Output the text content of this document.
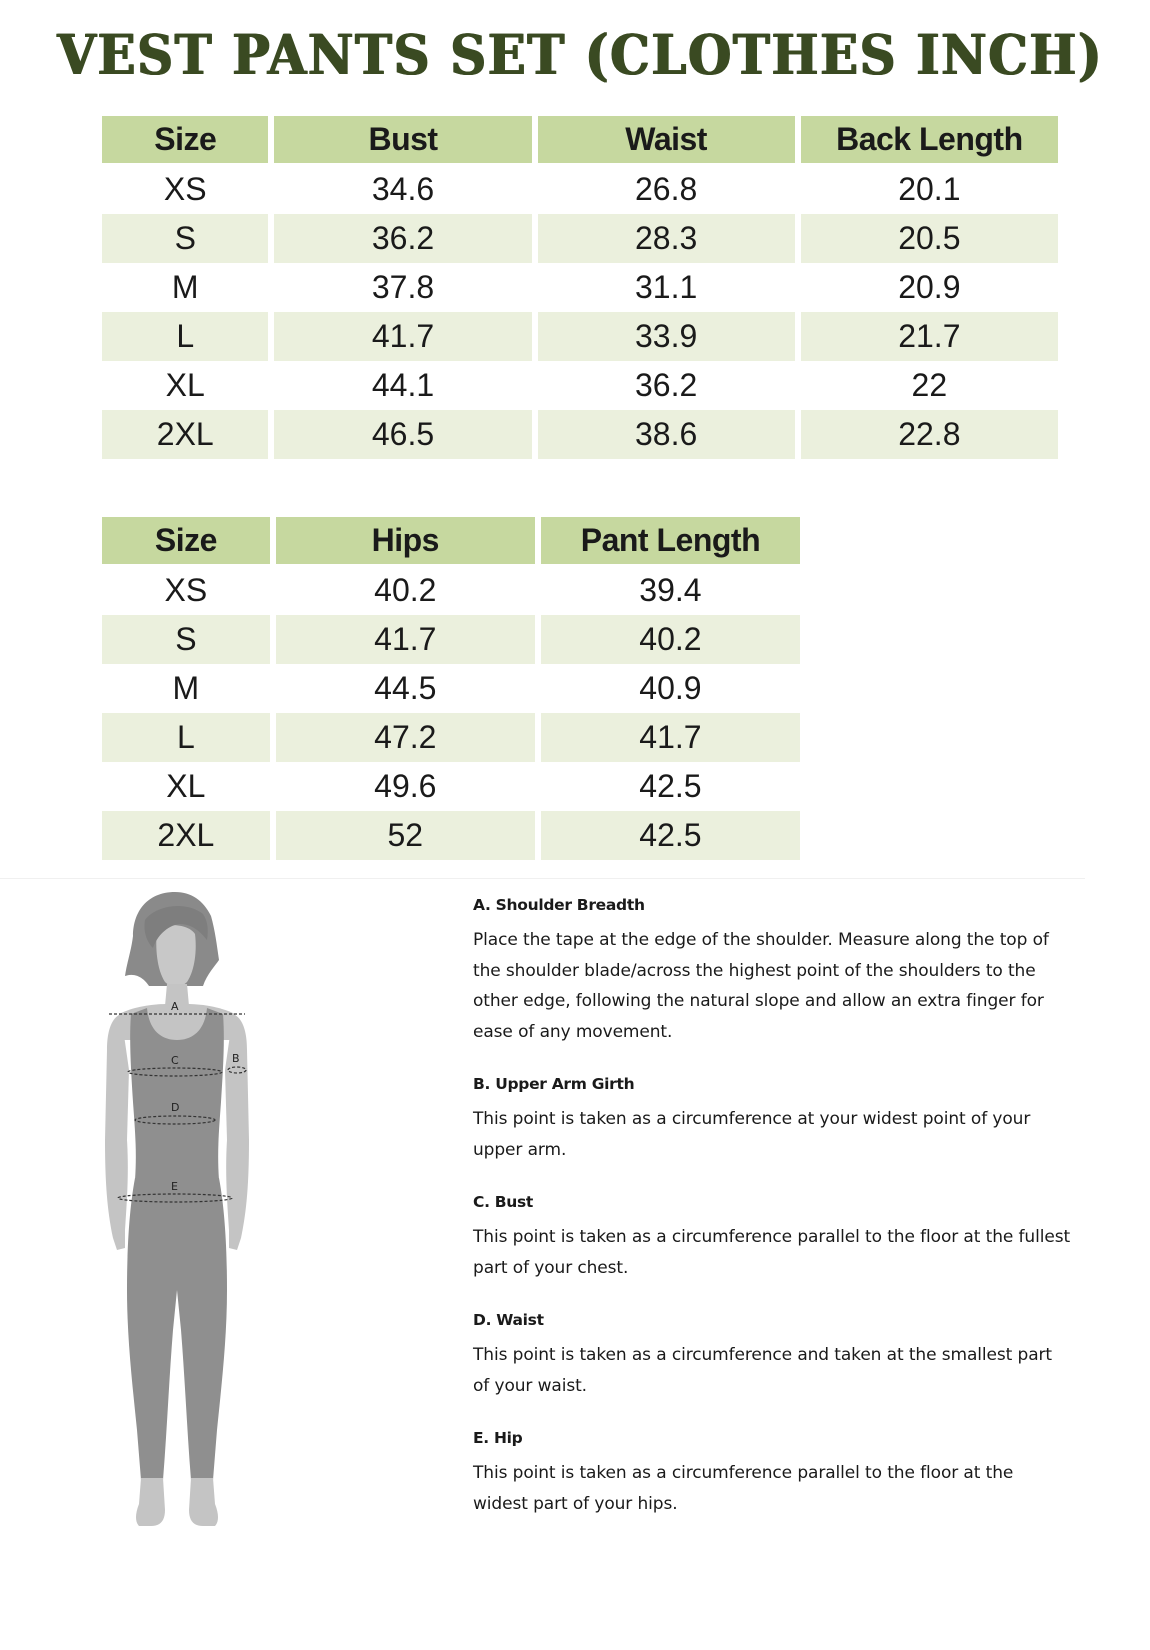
VEST PANTS SET (CLOTHES INCH)
Size	Bust	Waist	Back Length
XS	34.6	26.8	20.1
S	36.2	28.3	20.5
M	37.8	31.1	20.9
L	41.7	33.9	21.7
XL	44.1	36.2	22
2XL	46.5	38.6	22.8
Size	Hips	Pant Length
XS	40.2	39.4
S	41.7	40.2
M	44.5	40.9
L	47.2	41.7
XL	49.6	42.5
2XL	52	42.5
A
B
C
D
E
A. Shoulder Breadth
Place the tape at the edge of the shoulder. Measure along the top of the shoulder blade/across the highest point of the shoulders to the other edge, following the natural slope and allow an extra finger for ease of any movement.
B. Upper Arm Girth
This point is taken as a circumference at your widest point of your upper arm.
C. Bust
This point is taken as a circumference parallel to the floor at the fullest part of your chest.
D. Waist
This point is taken as a circumference and taken at the smallest part of your waist.
E. Hip
This point is taken as a circumference parallel to the floor at the widest part of your hips.
